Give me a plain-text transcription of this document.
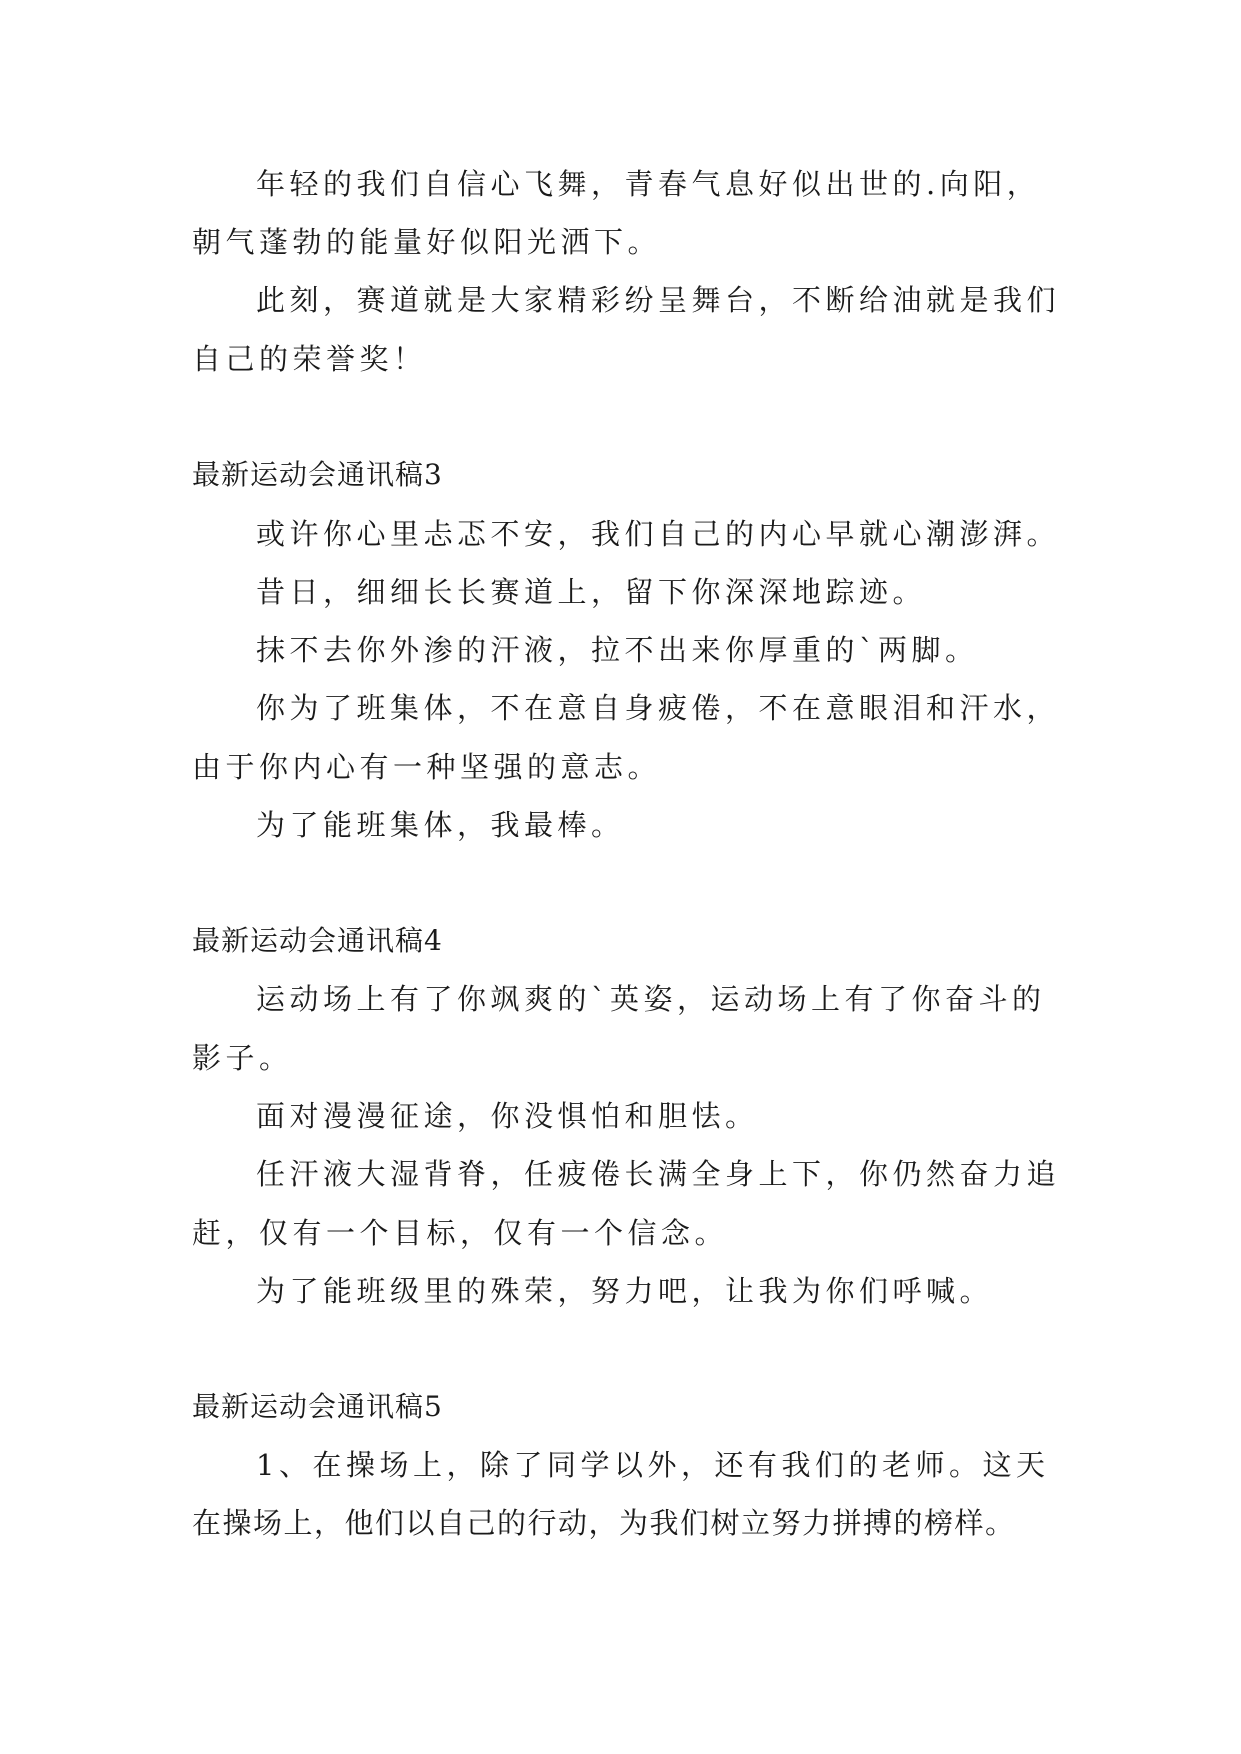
年轻的我们自信心飞舞，青春气息好似出世的.向阳，
朝气蓬勃的能量好似阳光洒下。
此刻，赛道就是大家精彩纷呈舞台，不断给油就是我们
自己的荣誉奖！
最新运动会通讯稿3
或许你心里忐忑不安，我们自己的内心早就心潮澎湃。
昔日，细细长长赛道上，留下你深深地踪迹。
抹不去你外渗的汗液，拉不出来你厚重的`两脚。
你为了班集体，不在意自身疲倦，不在意眼泪和汗水，
由于你内心有一种坚强的意志。
为了能班集体，我最棒。
最新运动会通讯稿4
运动场上有了你飒爽的`英姿，运动场上有了你奋斗的
影子。
面对漫漫征途，你没惧怕和胆怯。
任汗液大湿背脊，任疲倦长满全身上下，你仍然奋力追
赶，仅有一个目标，仅有一个信念。
为了能班级里的殊荣，努力吧，让我为你们呼喊。
最新运动会通讯稿5
1、在操场上，除了同学以外，还有我们的老师。这天
在操场上，他们以自己的行动，为我们树立努力拼搏的榜样。
